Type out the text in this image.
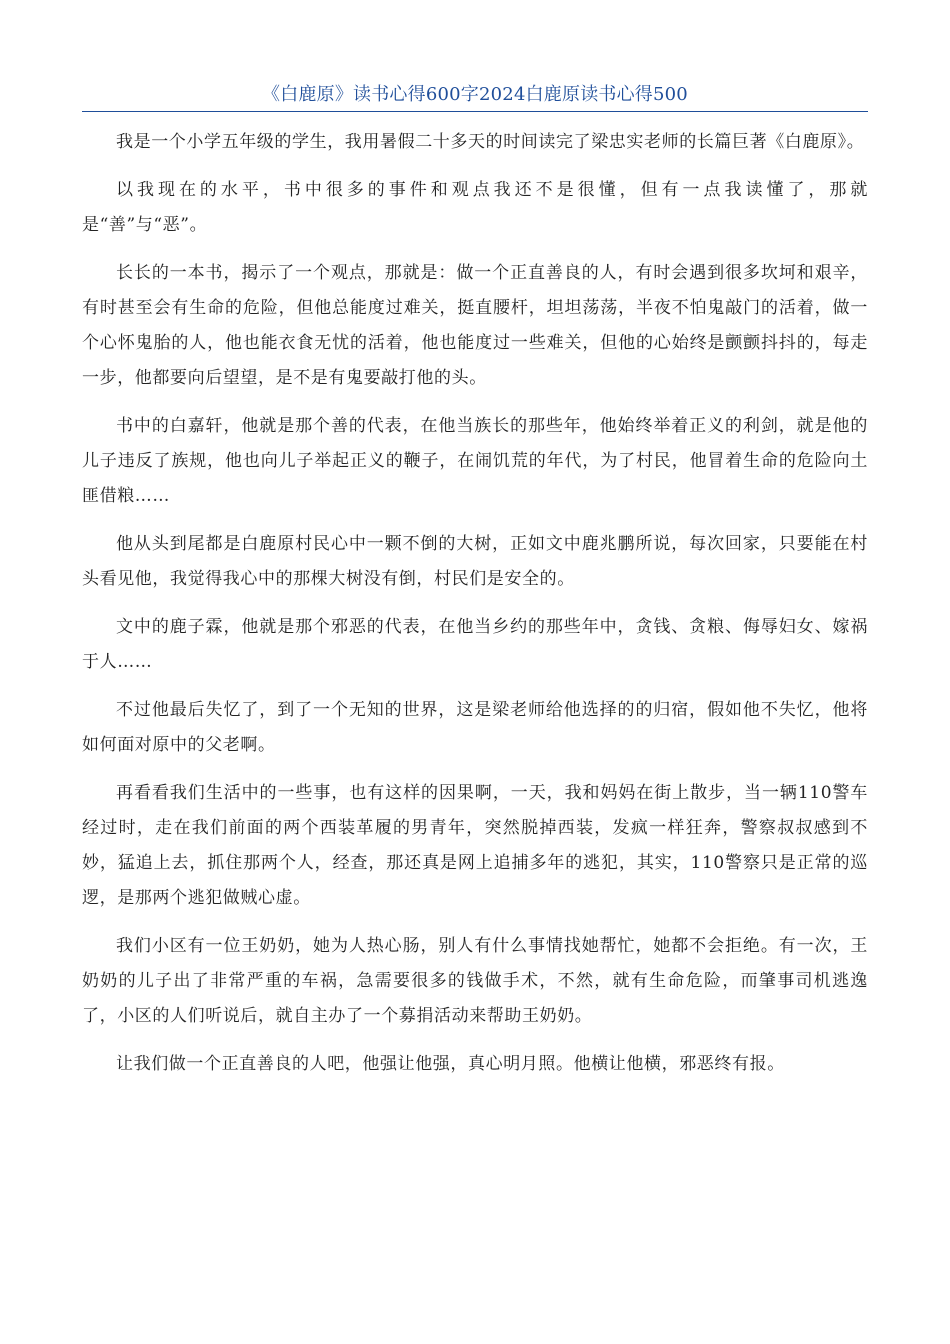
《白鹿原》读书心得600字2024白鹿原读书心得500

我是一个小学五年级的学生，我用暑假二十多天的时间读完了梁忠实老师的长篇巨著《白鹿原》。

以我现在的水平，书中很多的事件和观点我还不是很懂，但有一点我读懂了，那就是“善”与“恶”。

长长的一本书，揭示了一个观点，那就是：做一个正直善良的人，有时会遇到很多坎坷和艰辛，有时甚至会有生命的危险，但他总能度过难关，挺直腰杆，坦坦荡荡，半夜不怕鬼敲门的活着，做一个心怀鬼胎的人，他也能衣食无忧的活着，他也能度过一些难关，但他的心始终是颤颤抖抖的，每走一步，他都要向后望望，是不是有鬼要敲打他的头。

书中的白嘉轩，他就是那个善的代表，在他当族长的那些年，他始终举着正义的利剑，就是他的儿子违反了族规，他也向儿子举起正义的鞭子，在闹饥荒的年代，为了村民，他冒着生命的危险向土匪借粮……

他从头到尾都是白鹿原村民心中一颗不倒的大树，正如文中鹿兆鹏所说，每次回家，只要能在村头看见他，我觉得我心中的那棵大树没有倒，村民们是安全的。

文中的鹿子霖，他就是那个邪恶的代表，在他当乡约的那些年中，贪钱、贪粮、侮辱妇女、嫁祸于人……

不过他最后失忆了，到了一个无知的世界，这是梁老师给他选择的的归宿，假如他不失忆，他将如何面对原中的父老啊。

再看看我们生活中的一些事，也有这样的因果啊，一天，我和妈妈在街上散步，当一辆110警车经过时，走在我们前面的两个西装革履的男青年，突然脱掉西装，发疯一样狂奔，警察叔叔感到不妙，猛追上去，抓住那两个人，经查，那还真是网上追捕多年的逃犯，其实，110警察只是正常的巡逻，是那两个逃犯做贼心虚。

我们小区有一位王奶奶，她为人热心肠，别人有什么事情找她帮忙，她都不会拒绝。有一次，王奶奶的儿子出了非常严重的车祸，急需要很多的钱做手术，不然，就有生命危险，而肇事司机逃逸了，小区的人们听说后，就自主办了一个募捐活动来帮助王奶奶。

让我们做一个正直善良的人吧，他强让他强，真心明月照。他横让他横，邪恶终有报。
